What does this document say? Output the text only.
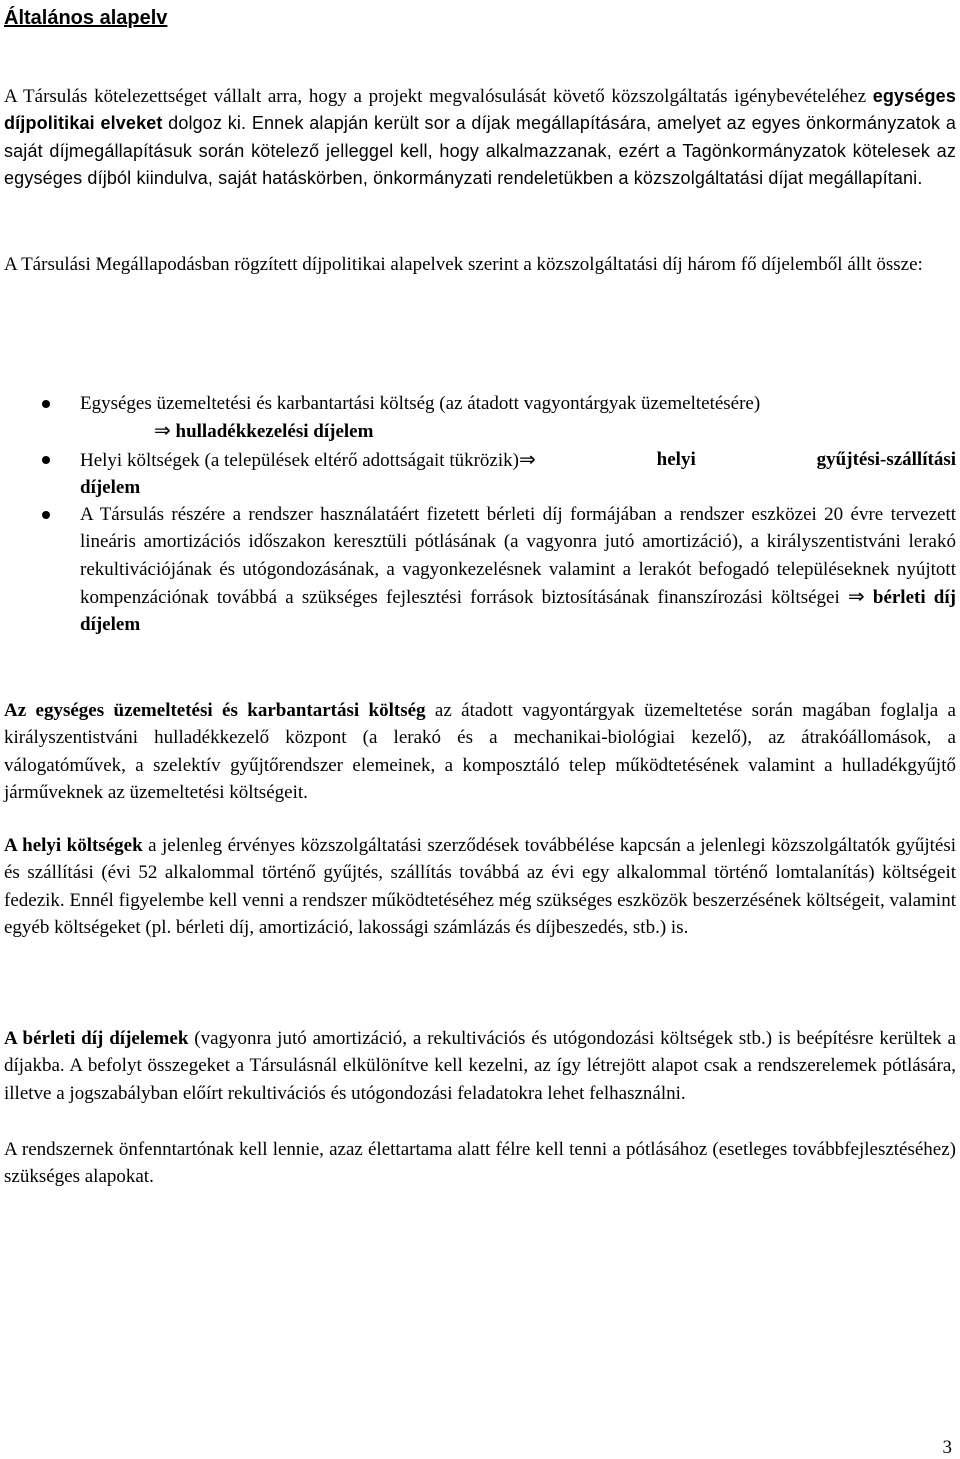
Általános alapelv

A Társulás kötelezettséget vállalt arra, hogy a projekt megvalósulását követő közszolgáltatás igénybevételéhez egységes díjpolitikai elveket dolgoz ki. Ennek alapján került sor a díjak megállapítására, amelyet az egyes önkormányzatok a saját díjmegállapításuk során kötelező jelleggel kell, hogy alkalmazzanak, ezért a Tagönkormányzatok kötelesek az egységes díjból kiindulva, saját hatáskörben, önkormányzati rendeletükben a közszolgáltatási díjat megállapítani.

A Társulási Megállapodásban rögzített díjpolitikai alapelvek szerint a közszolgáltatási díj három fő díjelemből állt össze:

Egységes üzemeltetési és karbantartási költség (az átadott vagyontárgyak üzemeltetésére)
⇒ hulladékkezelési díjelem
Helyi költségek (a települések eltérő adottságait tükrözik)⇒	helyi	gyűjtési-szállítási
díjelem
A Társulás részére a rendszer használatáért fizetett bérleti díj formájában a rendszer eszközei 20 évre tervezett lineáris amortizációs időszakon keresztüli pótlásának (a vagyonra jutó amortizáció), a királyszentistváni lerakó rekultivációjának és utógondozásának, a vagyonkezelésnek valamint a lerakót befogadó településeknek nyújtott kompenzációnak továbbá a szükséges fejlesztési források biztosításának finanszírozási költségei ⇒ bérleti díj díjelem

Az egységes üzemeltetési és karbantartási költség az átadott vagyontárgyak üzemeltetése során magában foglalja a királyszentistváni hulladékkezelő központ (a lerakó és a mechanikai-biológiai kezelő), az átrakóállomások, a válogatóművek, a szelektív gyűjtőrendszer elemeinek, a komposztáló telep működtetésének valamint a hulladékgyűjtő járműveknek az üzemeltetési költségeit.

A helyi költségek a jelenleg érvényes közszolgáltatási szerződések továbbélése kapcsán a jelenlegi közszolgáltatók gyűjtési és szállítási (évi 52 alkalommal történő gyűjtés, szállítás továbbá az évi egy alkalommal történő lomtalanítás) költségeit fedezik. Ennél figyelembe kell venni a rendszer működtetéséhez még szükséges eszközök beszerzésének költségeit, valamint egyéb költségeket (pl. bérleti díj, amortizáció, lakossági számlázás és díjbeszedés, stb.) is.

A bérleti díj díjelemek (vagyonra jutó amortizáció, a rekultivációs és utógondozási költségek stb.) is beépítésre kerültek a díjakba. A befolyt összegeket a Társulásnál elkülönítve kell kezelni, az így létrejött alapot csak a rendszerelemek pótlására, illetve a jogszabályban előírt rekultivációs és utógondozási feladatokra lehet felhasználni.

A rendszernek önfenntartónak kell lennie, azaz élettartama alatt félre kell tenni a pótlásához (esetleges továbbfejlesztéséhez) szükséges alapokat.

3
